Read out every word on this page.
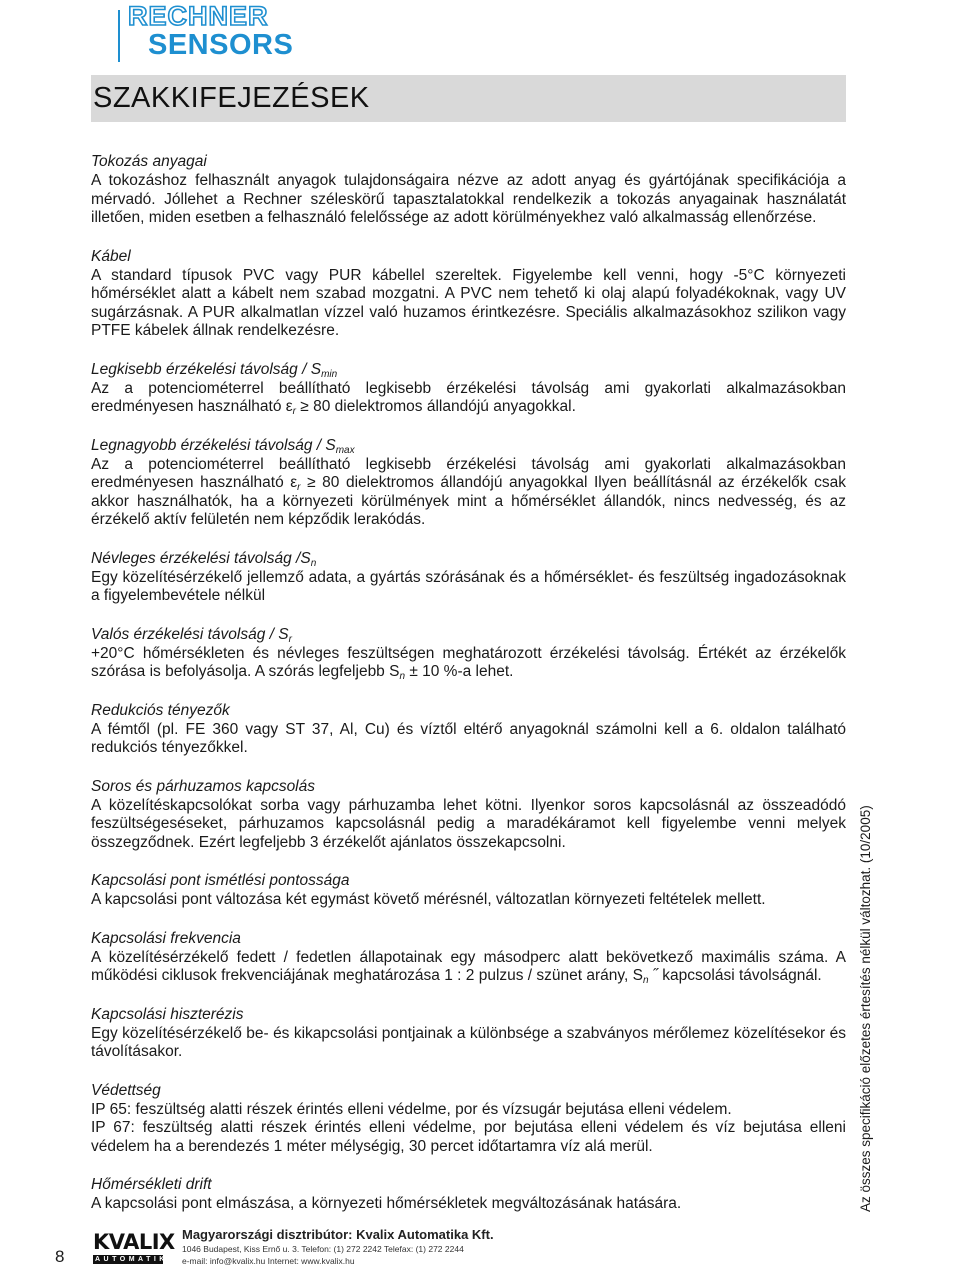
RECHNER
SENSORS
SZAKKIFEJEZÉSEK
Tokozás anyagai

A tokozáshoz felhasznált anyagok tulajdonságaira nézve az adott anyag és gyártójának specifikációja a mérvadó. Jóllehet a Rechner széleskörű tapasztalatokkal rendelkezik a tokozás anyagainak használatát illetően, miden esetben a felhasználó felelőssége az adott körülményekhez való alkalmasság ellenőrzése.

Kábel

A standard típusok PVC vagy PUR kábellel szereltek. Figyelembe kell venni, hogy -5°C környezeti hőmérséklet alatt a kábelt nem szabad mozgatni. A PVC nem tehető ki olaj alapú folyadékoknak, vagy UV sugárzásnak. A PUR alkalmatlan vízzel való huzamos érintkezésre. Speciális alkalmazásokhoz szilikon vagy PTFE kábelek állnak rendelkezésre.

Legkisebb érzékelési távolság / $S_{min}$

Az a potenciométerrel beállítható legkisebb érzékelési távolság ami gyakorlati alkalmazásokban eredményesen használható $\varepsilon_r \ge 80$ dielektromos állandójú anyagokkal.

Legnagyobb érzékelési távolság / $S_{max}$

Az a potenciométerrel beállítható legkisebb érzékelési távolság ami gyakorlati alkalmazásokban eredményesen használható $\varepsilon_r \ge 80$ dielektromos állandójú anyagokkal Ilyen beállításnál az érzékelők csak akkor használhatók, ha a környezeti körülmények mint a hőmérséklet állandók, nincs nedvesség, és az érzékelő aktív felületén nem képződik lerakódás.

Névleges érzékelési távolság $/S_n$

Egy közelítésérzékelő jellemző adata, a gyártás szórásának és a hőmérséklet- és feszültség ingadozásoknak a figyelembevétele nélkül

Valós érzékelési távolság / $S_r$

+20°C hőmérsékleten és névleges feszültségen meghatározott érzékelési távolság. Értékét az érzékelők szórása is befolyásolja. A szórás legfeljebb $S_n \pm 10$ %-a lehet.

Redukciós tényezők

A fémtől (pl. FE 360 vagy ST 37, Al, Cu) és víztől eltérő anyagoknál számolni kell a 6. oldalon található redukciós tényezőkkel.

Soros és párhuzamos kapcsolás

A közelítéskapcsolókat sorba vagy párhuzamba lehet kötni. Ilyenkor soros kapcsolásnál az összeadódó feszültségeséseket, párhuzamos kapcsolásnál pedig a maradékáramot kell figyelembe venni melyek összegződnek. Ezért legfeljebb 3 érzékelőt ajánlatos összekapcsolni.

Kapcsolási pont ismétlési pontossága

A kapcsolási pont változása két egymást követő mérésnél, változatlan környezeti feltételek mellett.

Kapcsolási frekvencia

A közelítésérzékelő fedett / fedetlen állapotainak egy másodperc alatt bekövetkező maximális száma. A működési ciklusok frekvenciájának meghatározása 1 : 2 pulzus / szünet arány, $S_n$ ˝ kapcsolási távolságnál.

Kapcsolási hiszterézis

Egy közelítésérzékelő be- és kikapcsolási pontjainak a különbsége a szabványos mérőlemez közelítésekor és távolításakor.

Védettség

IP 65: feszültség alatti részek érintés elleni védelme, por és vízsugár bejutása elleni védelem.

IP 67: feszültség alatti részek érintés elleni védelme, por bejutása elleni védelem és víz bejutása elleni védelem ha a berendezés 1 méter mélységig, 30 percet időtartamra víz alá merül.

Hőmérsékleti drift

A kapcsolási pont elmászása, a környezeti hőmérsékletek megváltozásának hatására.	Az összes specifikáció előzetes értesítés nélkül változhat. (10/2005)
8
KVALIX
AUTOMATIKA
Magyarországi disztribútor: Kvalix Automatika Kft.
1046 Budapest, Kiss Ernő u. 3. Telefon: (1) 272 2242 Telefax: (1) 272 2244
e-mail: info@kvalix.hu Internet: www.kvalix.hu
